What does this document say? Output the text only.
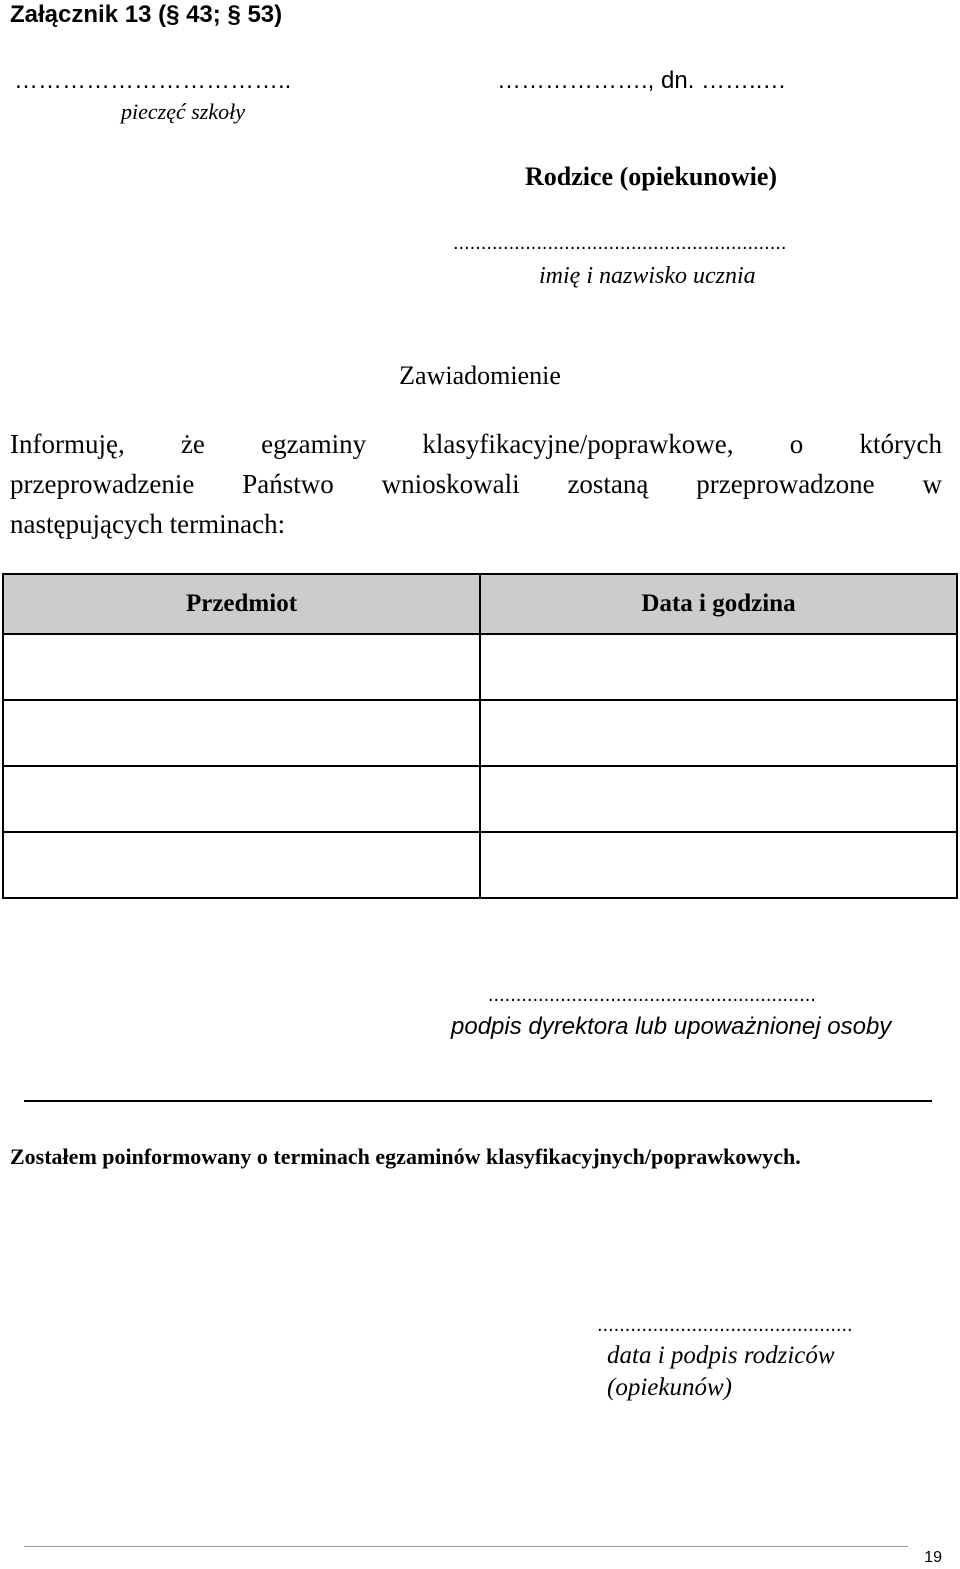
Załącznik 13 (§ 43; § 53)
……………………………..
pieczęć szkoły
………………., dn. ……..…
Rodzice (opiekunowie)
............................................................
imię i nazwisko ucznia
Zawiadomienie
Informuję, że egzaminy klasyfikacyjne/poprawkowe, o których
przeprowadzenie Państwo wnioskowali zostaną przeprowadzone w

następujących terminach:

Przedmiot	Data i godzina

...........................................................
podpis dyrektora lub upoważnionej osoby
Zostałem poinformowany o terminach egzaminów klasyfikacyjnych/poprawkowych.
..............................................
data i podpis rodziców
(opiekunów)
19
